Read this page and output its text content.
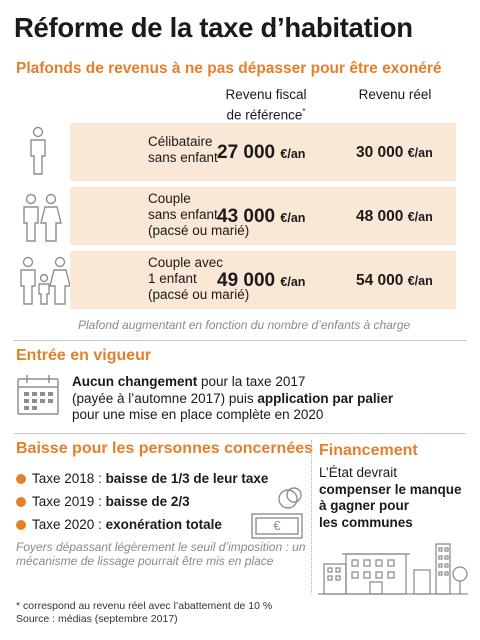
Réforme de la taxe d’habitation
Plafonds de revenus à ne pas dépasser pour être exonéré
Revenu fiscal
de référence*
Revenu réel
Célibataire
sans enfant 27 000 €/an	30 000 €/an
Couple
sans enfant
(pacsé ou marié)
43 000 €/an	48 000 €/an
Couple avec
1 enfant
(pacsé ou marié)
49 000 €/an	54 000 €/an
Plafond augmentant en fonction du nombre d’enfants à charge
Entrée en vigueur
Aucun changement pour la taxe 2017
(payée à l’automne 2017) puis application par palier
pour une mise en place complète en 2020
Baisse pour les personnes concernées Financement
Taxe 2018 : baisse de 1/3 de leur taxe
Taxe 2019 : baisse de 2/3
Taxe 2020 : exonération totale	€
Foyers dépassant légèrement le seuil d’imposition : un mécanisme de lissage pourrait être mis en place
L’État devrait
compenser le manque
à gagner pour
les communes
* correspond au revenu réel avec l’abattement de 10 %
Source : médias (septembre 2017)
